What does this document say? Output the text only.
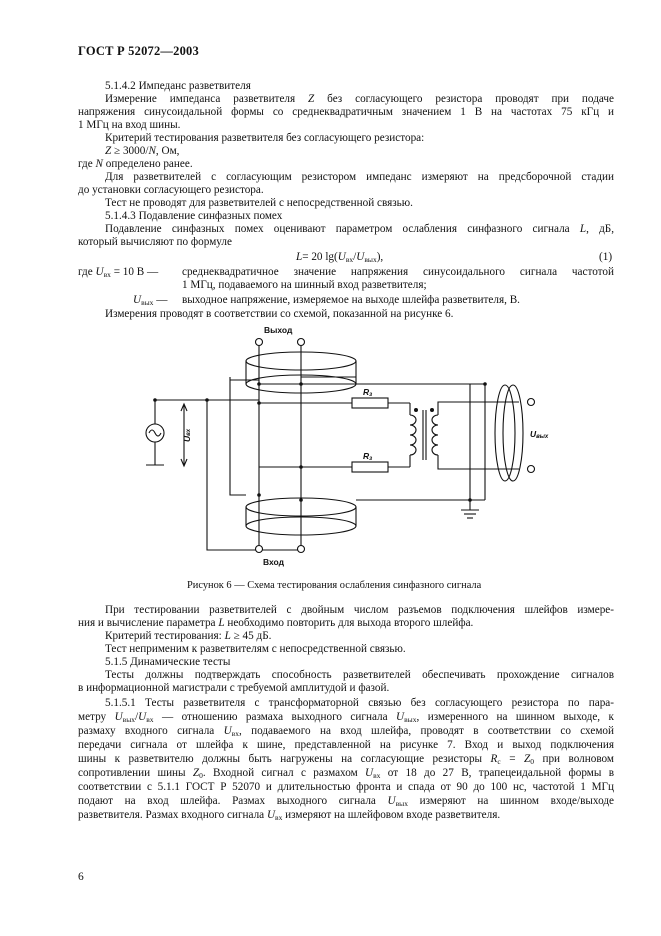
ГОСТ Р 52072—2003
5.1.4.2 Импеданс разветвителя
Измерение импеданса разветвителя Z без согласующего резистора проводят при подаче
напряжения синусоидальной формы со среднеквадратичным значением 1 В на частотах 75 кГц и
1 МГц на вход шины.
Критерий тестирования разветвителя без согласующего резистора:
Z ≥ 3000/N, Ом,
где N определено ранее.
Для разветвителей с согласующим резистором импеданс измеряют на предсборочной стадии
до установки согласующего резистора.
Тест не проводят для разветвителей с непосредственной связью.
5.1.4.3 Подавление синфазных помех
Подавление синфазных помех оценивают параметром ослабления синфазного сигнала L, дБ,
который вычисляют по формуле
L= 20 $\lg(U_{вх}/U_{вых})$,	(1)
где $U_{вх} = 10$ В — среднеквадратичное значение напряжения синусоидального сигнала частотой
1 МГц, подаваемого на шинный вход разветвителя;
$U_{вых}$ — выходное напряжение, измеряемое на выходе шлейфа разветвителя, В.
Измерения проводят в соответствии со схемой, показанной на рисунке 6.
Выход
Вход
Uвх	Uвых
Rз
Rз
Рисунок 6 — Схема тестирования ослабления синфазного сигнала
При тестировании разветвителей с двойным числом разъемов подключения шлейфов измере-
ния и вычисление параметра L необходимо повторить для выхода второго шлейфа.
Критерий тестирования: L ≥ 45 дБ.
Тест неприменим к разветвителям с непосредственной связью.
5.1.5 Динамические тесты
Тесты должны подтверждать способность разветвителей обеспечивать прохождение сигналов
в информационной магистрали с требуемой амплитудой и фазой.
5.1.5.1 Тесты разветвителя с трансформаторной связью без согласующего резистора по пара-
метру $U_{вых}/U_{вх}$ — отношению размаха выходного сигнала $U_{вых}$, измеренного на шинном выходе, к
размаху входного сигнала $U_{вх}$, подаваемого на вход шлейфа, проводят в соответствии со схемой
передачи сигнала от шлейфа к шине, представленной на рисунке 7. Вход и выход подключения
шины к разветвителю должны быть нагружены на согласующие резисторы $R_c = Z_0$ при волновом
сопротивлении шины $Z_0$. Входной сигнал с размахом $U_{вх}$ от 18 до 27 В, трапецеидальной формы в
соответствии с 5.1.1 ГОСТ Р 52070 и длительностью фронта и спада от 90 до 100 нс, частотой 1 МГц
подают на вход шлейфа. Размах выходного сигнала $U_{вых}$ измеряют на шинном входе/выходе
разветвителя. Размах входного сигнала $U_{вх}$ измеряют на шлейфовом входе разветвителя.
6
